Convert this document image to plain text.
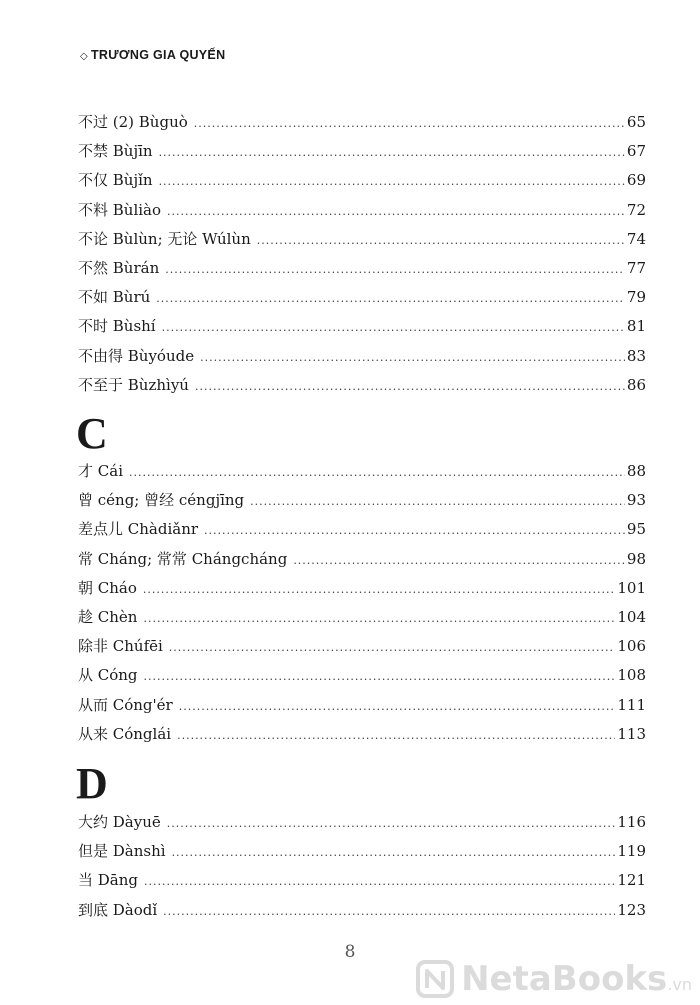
◇ TRƯƠNG GIA QUYẾN
不过 (2) Bùguò .....	65
不禁 Bùjīn .....	67
不仅 Bùjǐn .....	69
不料 Bùliào .....	72
不论 Bùlùn; 无论 Wúlùn .....	74
不然 Bùrán .....	77
不如 Bùrú .....	79
不时 Bùshí .....	81
不由得 Bùyóude .....	83
不至于 Bùzhìyú .....	86
C
才 Cái .....	88
曾 céng; 曾经 céngjīng .....	93
差点儿 Chàdiǎnr .....	95
常 Cháng; 常常 Chángcháng .....	98
朝 Cháo .....	101
趁 Chèn .....	104
除非 Chúfēi .....	106
从 Cóng .....	108
从而 Cóng'ér .....	111
从来 Cónglái .....	113
D
大约 Dàyuē .....	116
但是 Dànshì .....	119
当 Dāng .....	121
到底 Dàodǐ .....	123
8
NetaBooks.vn
